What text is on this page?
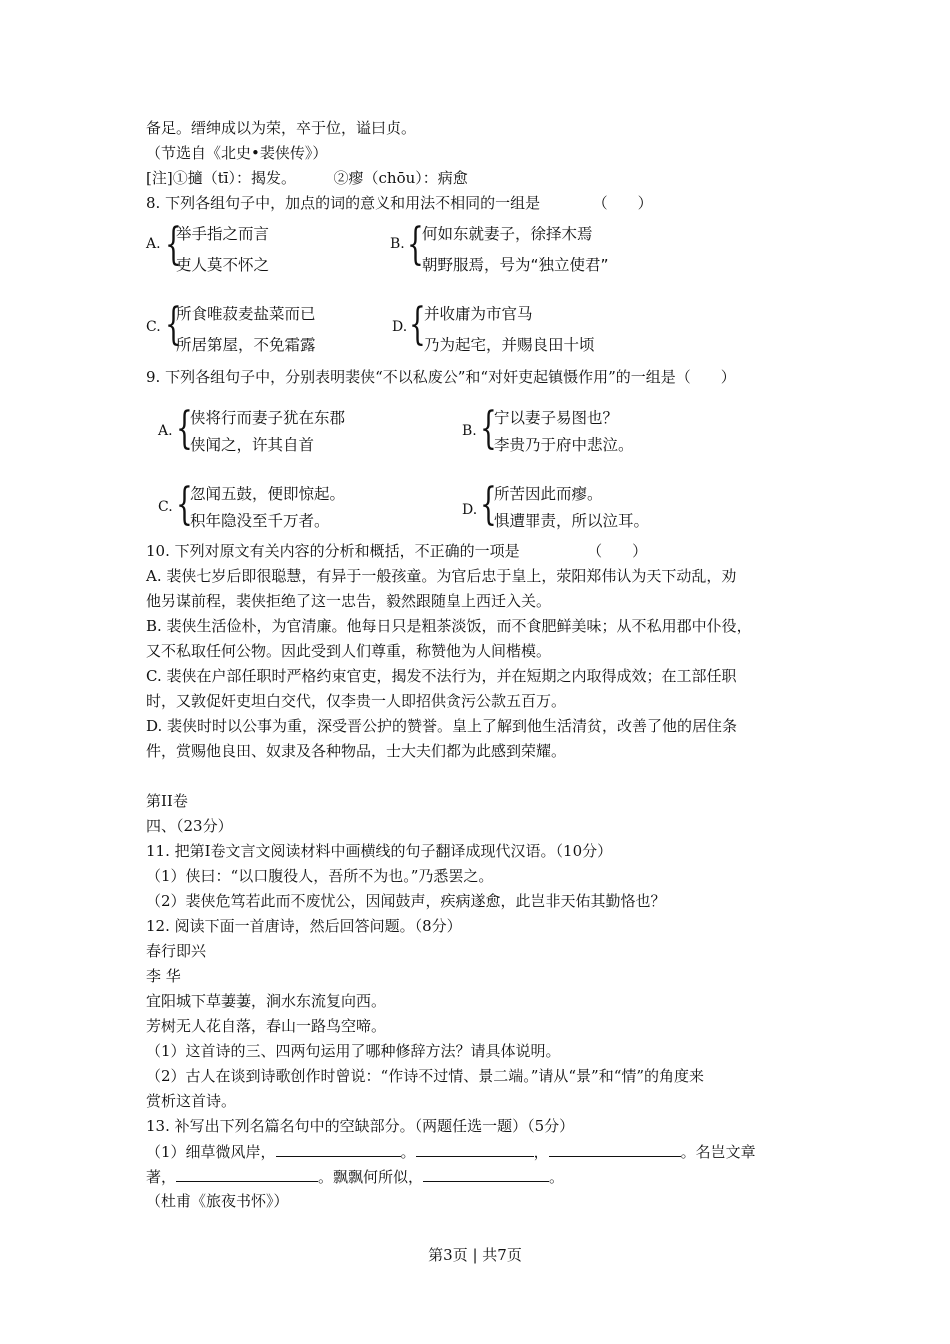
备足。缙绅成以为荣，卒于位，谥曰贞。
（节选自《北史•裴侠传》）
[注]①擿（tī）：揭发。　　　②瘳（chōu）：病愈
8. 下列各组句子中，加点的词的意义和用法不相同的一组是　　　　（　　）
A. {
举手指之而言
吏人莫不怀之
B. {
何如东就妻子，徐择木焉
朝野服焉，号为“独立使君”
C. {
所食唯菽麦盐菜而已
所居第屋，不免霜露
D. {
并收庸为市官马
乃为起宅，并赐良田十顷
9. 下列各组句子中，分别表明裴侠“不以私废公”和“对奸吏起镇慑作用”的一组是（　　）
A. {
侠将行而妻子犹在东郡
侠闻之，许其自首
B. {
宁以妻子易图也？
李贵乃于府中悲泣。
C. {
忽闻五鼓，便即惊起。
积年隐没至千万者。
D. {
所苦因此而瘳。
惧遭罪责，所以泣耳。
10. 下列对原文有关内容的分析和概括，不正确的一项是　　　　　（　　）
A. 裴侠七岁后即很聪慧，有异于一般孩童。为官后忠于皇上，荥阳郑伟认为天下动乱，劝
他另谋前程，裴侠拒绝了这一忠告，毅然跟随皇上西迁入关。
B. 裴侠生活俭朴，为官清廉。他每日只是粗茶淡饭，而不食肥鲜美味；从不私用郡中仆役，
又不私取任何公物。因此受到人们尊重，称赞他为人间楷模。
C. 裴侠在户部任职时严格约束官吏，揭发不法行为，并在短期之内取得成效；在工部任职
时，又敦促奸吏坦白交代，仅李贵一人即招供贪污公款五百万。
D. 裴侠时时以公事为重，深受晋公护的赞誉。皇上了解到他生活清贫，改善了他的居住条
件，赏赐他良田、奴隶及各种物品，士大夫们都为此感到荣耀。
第II卷
四、（23分）
11. 把第I卷文言文阅读材料中画横线的句子翻译成现代汉语。（10分）
（1）侠曰：“以口腹役人，吾所不为也。”乃悉罢之。
（2）裴侠危笃若此而不废忧公，因闻鼓声，疾病遂愈，此岂非天佑其勤恪也？
12. 阅读下面一首唐诗，然后回答问题。（8分）
春行即兴
李 华
宜阳城下草萋萋，涧水东流复向西。
芳树无人花自落，春山一路鸟空啼。
（1）这首诗的三、四两句运用了哪种修辞方法？请具体说明。
（2）古人在谈到诗歌创作时曾说：“作诗不过情、景二端。”请从“景”和“情”的角度来
赏析这首诗。
13. 补写出下列名篇名句中的空缺部分。（两题任选一题）（5分）
（1）细草微风岸，	。	，	。名岂文章
著，	。飘飘何所似，	。
（杜甫《旅夜书怀》）
第3页 | 共7页
